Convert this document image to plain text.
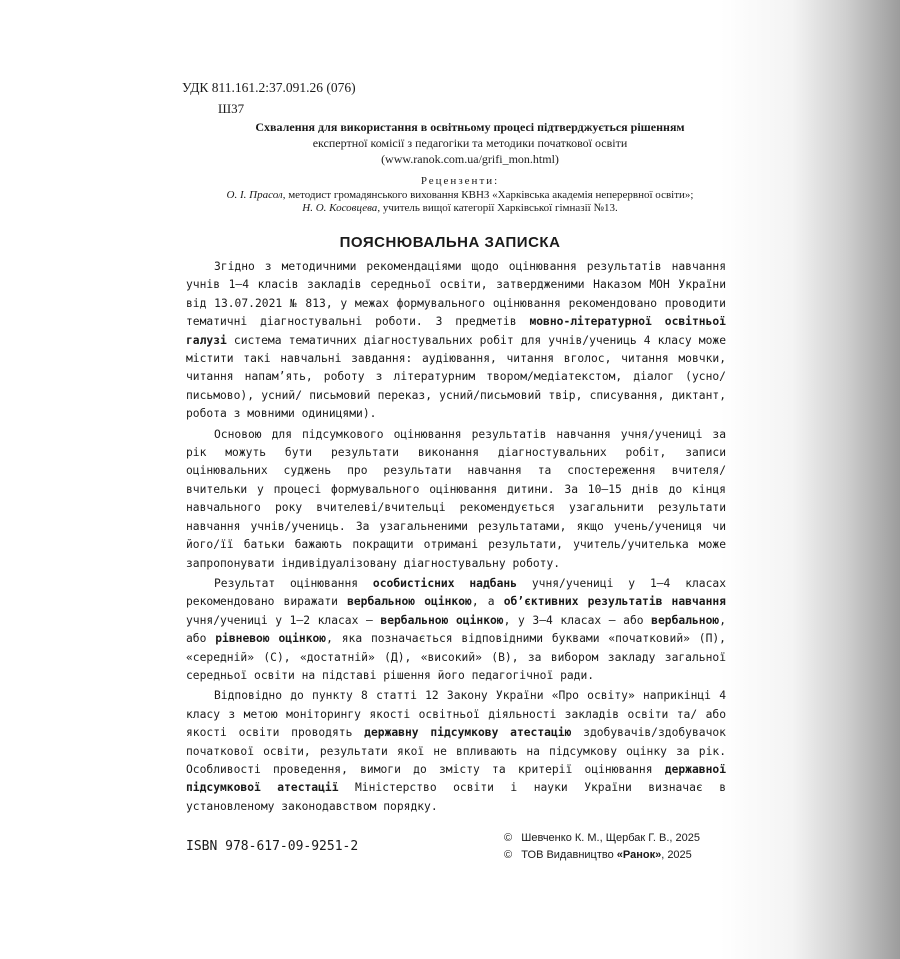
УДК 811.161.2:37.091.26 (076)
Ш37
Схвалення для використання в освітньому процесі підтверджується рішенням
експертної комісії з педагогіки та методики початкової освіти
(www.ranok.com.ua/grifi_mon.html)
Рецензенти:
О. І. Прасол, методист громадянського виховання КВНЗ «Харківська академія неперервної освіти»;
Н. О. Косовцева, учитель вищої категорії Харківської гімназії №13.
ПОЯСНЮВАЛЬНА ЗАПИСКА

Згідно з методичними рекомендаціями щодо оцінювання результатів навчання учнів 1–4 класів закладів середньої освіти, затвердженими Наказом МОН України від 13.07.2021 № 813, у межах формувального оцінювання рекомендовано проводити тематичні діагностувальні роботи. З предметів мовно-літературної освітньої галузі система тематичних діагностувальних робіт для учнів/учениць 4 класу може містити такі навчальні завдання: аудіювання, читання вголос, читання мовчки, читання напам’ять, роботу з літературним твором/медіатекстом, діалог (усно/письмово), усний/ письмовий переказ, усний/письмовий твір, списування, диктант, робота з мовними одиницями).

Основою для підсумкового оцінювання результатів навчання учня/учениці за рік можуть бути результати виконання діагностувальних робіт, записи оцінювальних суджень про результати навчання та спостереження вчителя/ вчительки у процесі формувального оцінювання дитини. За 10–15 днів до кінця навчального року вчителеві/вчительці рекомендується узагальнити результати навчання учнів/учениць. За узагальненими результатами, якщо учень/учениця чи його/її батьки бажають покращити отримані результати, учитель/учителька може запропонувати індивідуалізовану діагностувальну роботу.

Результат оцінювання особистісних надбань учня/учениці у 1–4 класах рекомендовано виражати вербальною оцінкою, а об’єктивних результатів навчання учня/учениці у 1–2 класах — вербальною оцінкою, у 3–4 класах — або вербальною, або рівневою оцінкою, яка позначається відповідними буквами «початковий» (П), «середній» (С), «достатній» (Д), «високий» (В), за вибором закладу загальної середньої освіти на підставі рішення його педагогічної ради.

Відповідно до пункту 8 статті 12 Закону України «Про освіту» наприкінці 4 класу з метою моніторингу якості освітньої діяльності закладів освіти та/ або якості освіти проводять державну підсумкову атестацію здобувачів/здобувачок початкової освіти, результати якої не впливають на підсумкову оцінку за рік. Особливості проведення, вимоги до змісту та критерії оцінювання державної підсумкової атестації Міністерство освіти і науки України визначає в установленому законодавством порядку.

ISBN 978-617-09-9251-2
© Шевченко К. М., Щербак Г. В., 2025
© ТОВ Видавництво «Ранок», 2025
